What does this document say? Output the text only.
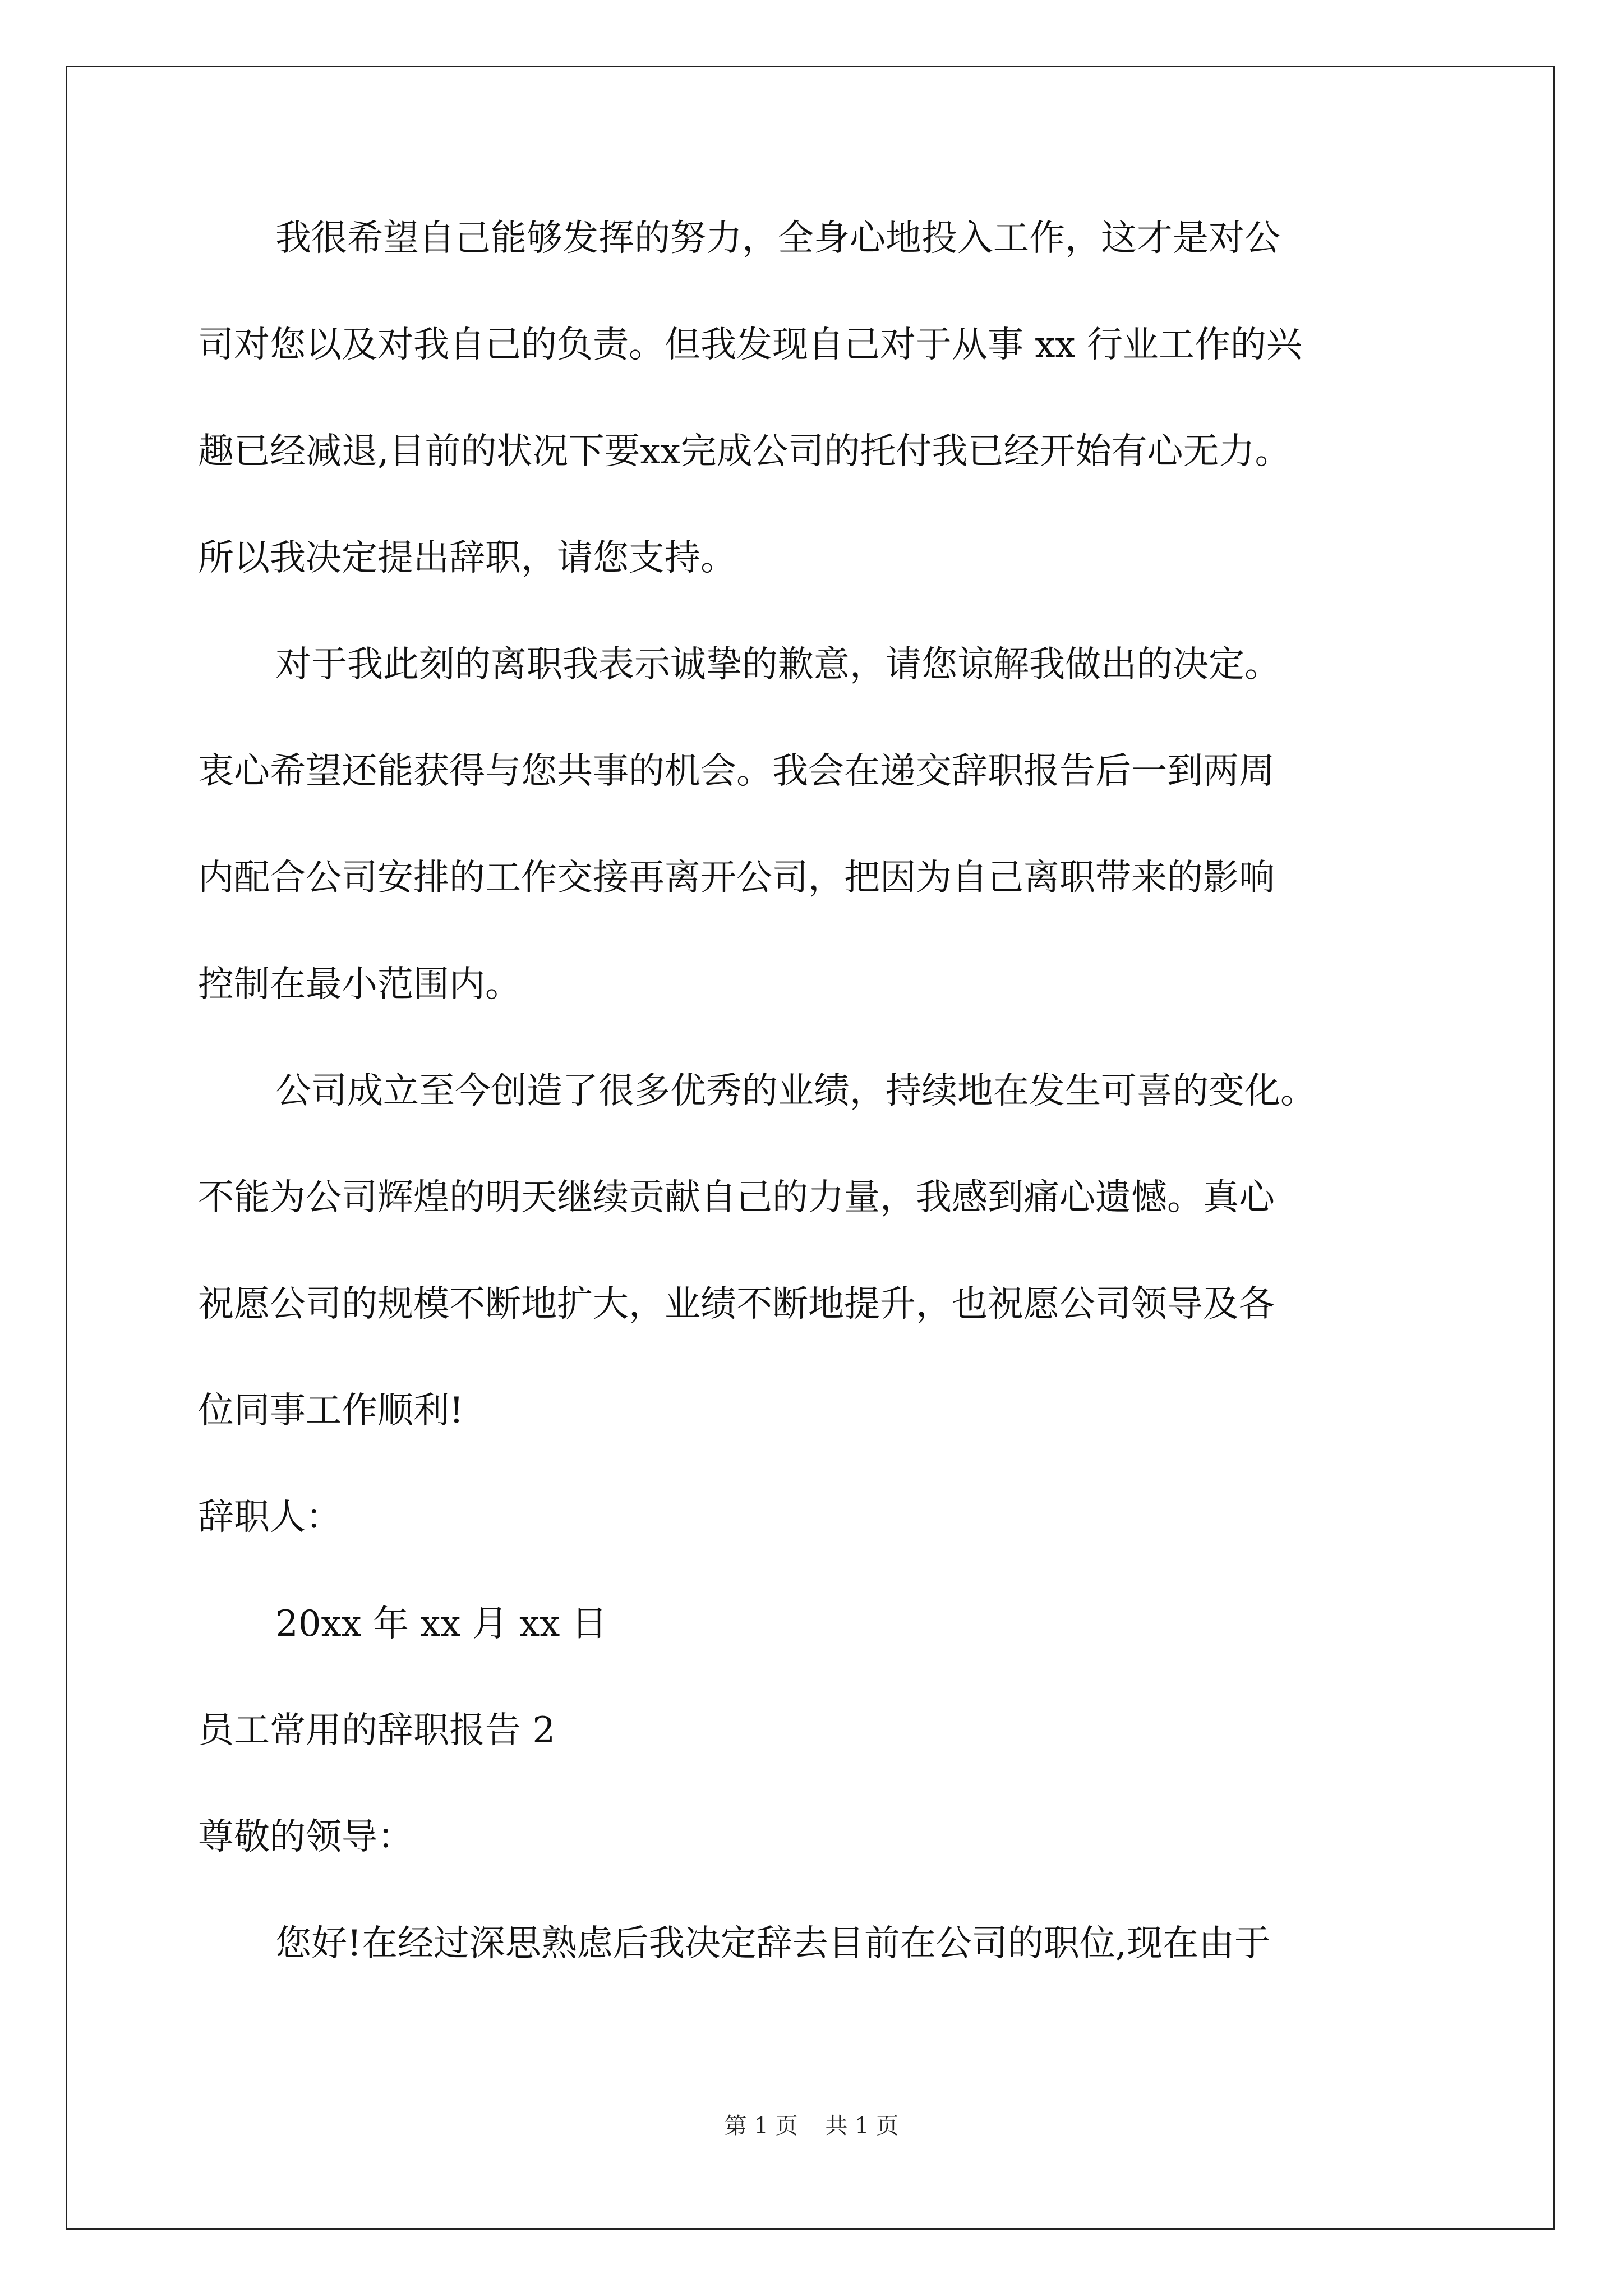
我很希望自己能够发挥的努力，全身心地投入工作，这才是对公
司对您以及对我自己的负责。但我发现自己对于从事 xx 行业工作的兴
趣已经减退,目前的状况下要xx完成公司的托付我已经开始有心无力。
所以我决定提出辞职，请您支持。
对于我此刻的离职我表示诚挚的歉意，请您谅解我做出的决定。
衷心希望还能获得与您共事的机会。我会在递交辞职报告后一到两周
内配合公司安排的工作交接再离开公司，把因为自己离职带来的影响
控制在最小范围内。
公司成立至今创造了很多优秀的业绩，持续地在发生可喜的变化。
不能为公司辉煌的明天继续贡献自己的力量，我感到痛心遗憾。真心
祝愿公司的规模不断地扩大，业绩不断地提升，也祝愿公司领导及各
位同事工作顺利!
辞职人：
20xx 年 xx 月 xx 日
员工常用的辞职报告 2
尊敬的领导：
您好!在经过深思熟虑后我决定辞去目前在公司的职位,现在由于
第 1 页 共 1 页
